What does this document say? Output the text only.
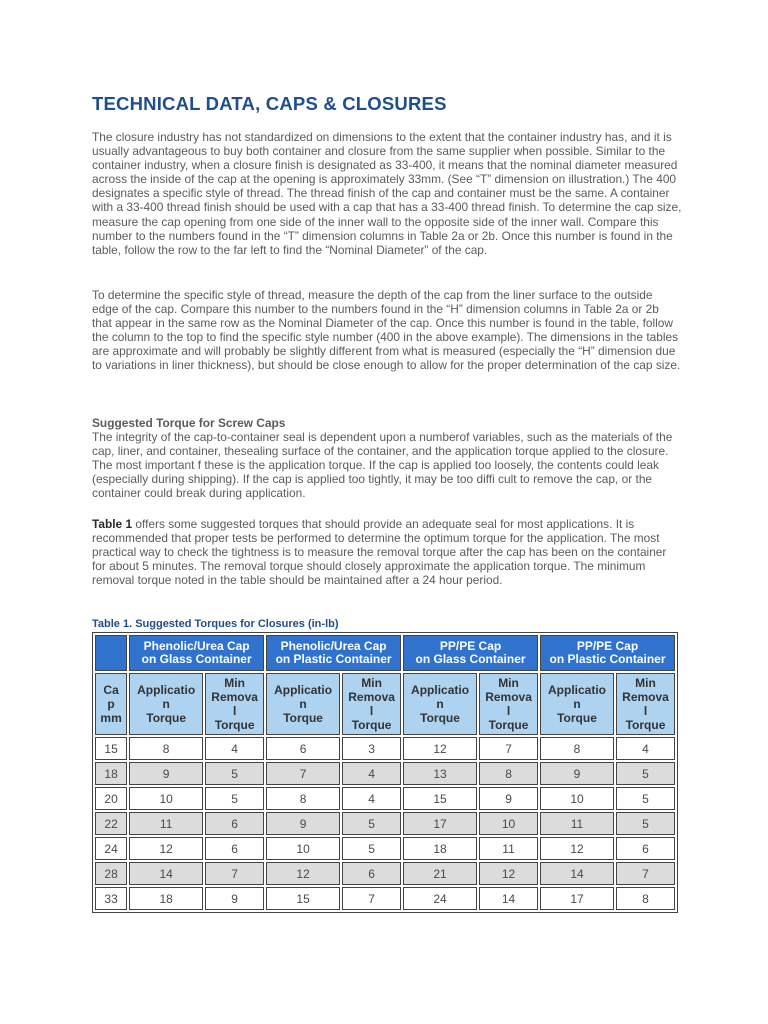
TECHNICAL DATA, CAPS & CLOSURES

The closure industry has not standardized on dimensions to the extent that the container industry has, and it is usually advantageous to buy both container and closure from the same supplier when possible. Similar to the container industry, when a closure finish is designated as 33-400, it means that the nominal diameter measured across the inside of the cap at the opening is approximately 33mm. (See “T” dimension on illustration.) The 400 designates a specific style of thread. The thread finish of the cap and container must be the same. A container with a 33-400 thread finish should be used with a cap that has a 33-400 thread finish. To determine the cap size, measure the cap opening from one side of the inner wall to the opposite side of the inner wall. Compare this number to the numbers found in the “T” dimension columns in Table 2a or 2b. Once this number is found in the table, follow the row to the far left to find the “Nominal Diameter” of the cap.

To determine the specific style of thread, measure the depth of the cap from the liner surface to the outside edge of the cap. Compare this number to the numbers found in the “H” dimension columns in Table 2a or 2b that appear in the same row as the Nominal Diameter of the cap. Once this number is found in the table, follow the column to the top to find the specific style number (400 in the above example). The dimensions in the tables are approximate and will probably be slightly different from what is measured (especially the “H” dimension due to variations in liner thickness), but should be close enough to allow for the proper determination of the cap size.

Suggested Torque for Screw Caps

The integrity of the cap-to-container seal is dependent upon a numberof variables, such as the materials of the cap, liner, and container, thesealing surface of the container, and the application torque applied to the closure. The most important f these is the application torque. If the cap is applied too loosely, the contents could leak (especially during shipping). If the cap is applied too tightly, it may be too diffi cult to remove the cap, or the container could break during application.

Table 1 offers some suggested torques that should provide an adequate seal for most applications. It is recommended that proper tests be performed to determine the optimum torque for the application. The most practical way to check the tightness is to measure the removal torque after the cap has been on the container for about 5 minutes. The removal torque should closely approximate the application torque. The minimum removal torque noted in the table should be maintained after a 24 hour period.

Table 1. Suggested Torques for Closures (in-lb)

	Phenolic/Urea Cap
on Glass Container		Phenolic/Urea Cap
on Plastic Container		PP/PE Cap
on Glass Container		PP/PE Cap
on Plastic Container	

Ca
p
mm	Applicatio
n
Torque	Min
Remova
l
Torque	Applicatio
n
Torque	Min
Remova
l
Torque	Applicatio
n
Torque	Min
Remova
l
Torque	Applicatio
n
Torque	Min
Remova
l
Torque

15	8	4	6	3	12	7	8	4
18	9	5	7	4	13	8	9	5
20	10	5	8	4	15	9	10	5
22	11	6	9	5	17	10	11	5
24	12	6	10	5	18	11	12	6
28	14	7	12	6	21	12	14	7
33	18	9	15	7	24	14	17	8
